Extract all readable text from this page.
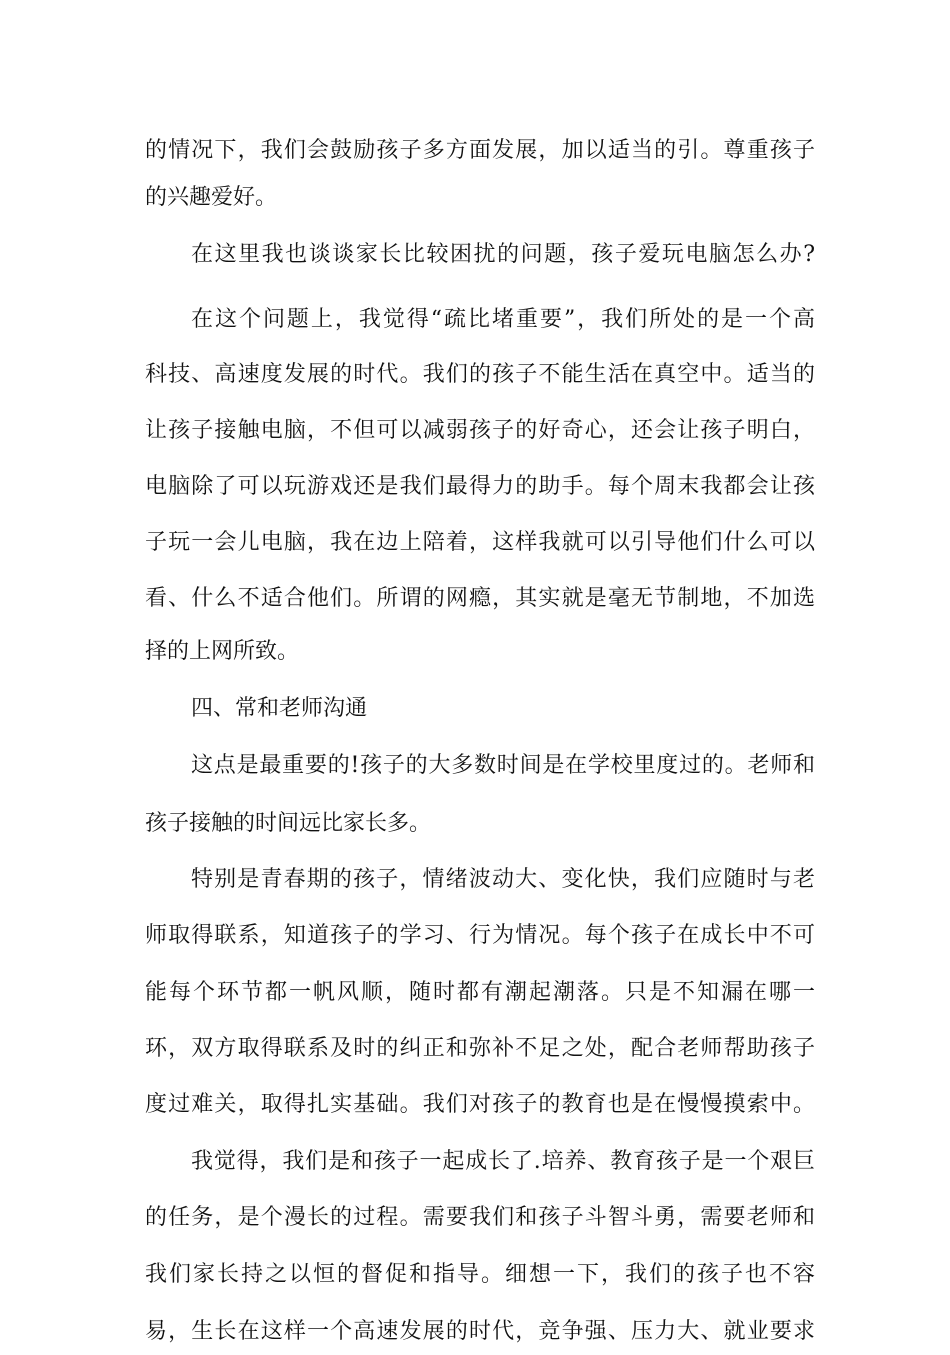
的情况下，我们会鼓励孩子多方面发展，加以适当的引。尊重孩子
的兴趣爱好。
在这里我也谈谈家长比较困扰的问题，孩子爱玩电脑怎么办?
在这个问题上，我觉得“疏比堵重要”，我们所处的是一个高
科技、高速度发展的时代。我们的孩子不能生活在真空中。适当的
让孩子接触电脑，不但可以减弱孩子的好奇心，还会让孩子明白，
电脑除了可以玩游戏还是我们最得力的助手。每个周末我都会让孩
子玩一会儿电脑，我在边上陪着，这样我就可以引导他们什么可以
看、什么不适合他们。所谓的网瘾，其实就是毫无节制地，不加选
择的上网所致。
四、常和老师沟通
这点是最重要的!孩子的大多数时间是在学校里度过的。老师和
孩子接触的时间远比家长多。
特别是青春期的孩子，情绪波动大、变化快，我们应随时与老
师取得联系，知道孩子的学习、行为情况。每个孩子在成长中不可
能每个环节都一帆风顺，随时都有潮起潮落。只是不知漏在哪一
环，双方取得联系及时的纠正和弥补不足之处，配合老师帮助孩子
度过难关，取得扎实基础。我们对孩子的教育也是在慢慢摸索中。
我觉得，我们是和孩子一起成长了.培养、教育孩子是一个艰巨
的任务，是个漫长的过程。需要我们和孩子斗智斗勇，需要老师和
我们家长持之以恒的督促和指导。细想一下，我们的孩子也不容
易，生长在这样一个高速发展的时代，竞争强、压力大、就业要求
